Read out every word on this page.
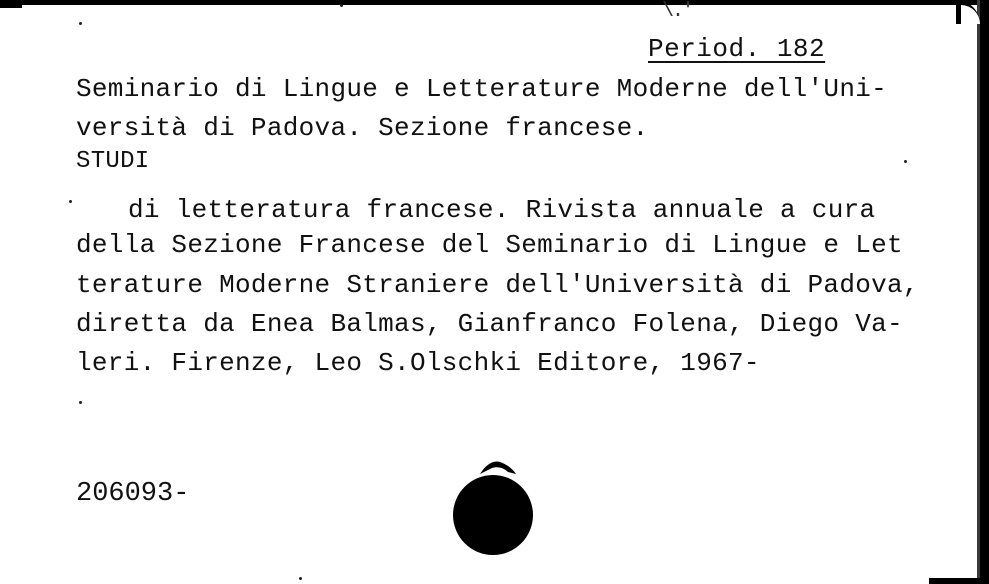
\.'
Period. 182
Seminario di Lingue e Letterature Moderne dell'Uni-
versità di Padova. Sezione francese.
STUDI
di letteratura francese. Rivista annuale a cura
della Sezione Francese del Seminario di Lingue e Let
terature Moderne Straniere dell'Università di Padova,
diretta da Enea Balmas, Gianfranco Folena, Diego Va-
leri. Firenze, Leo S.Olschki Editore, 1967-
206093-
